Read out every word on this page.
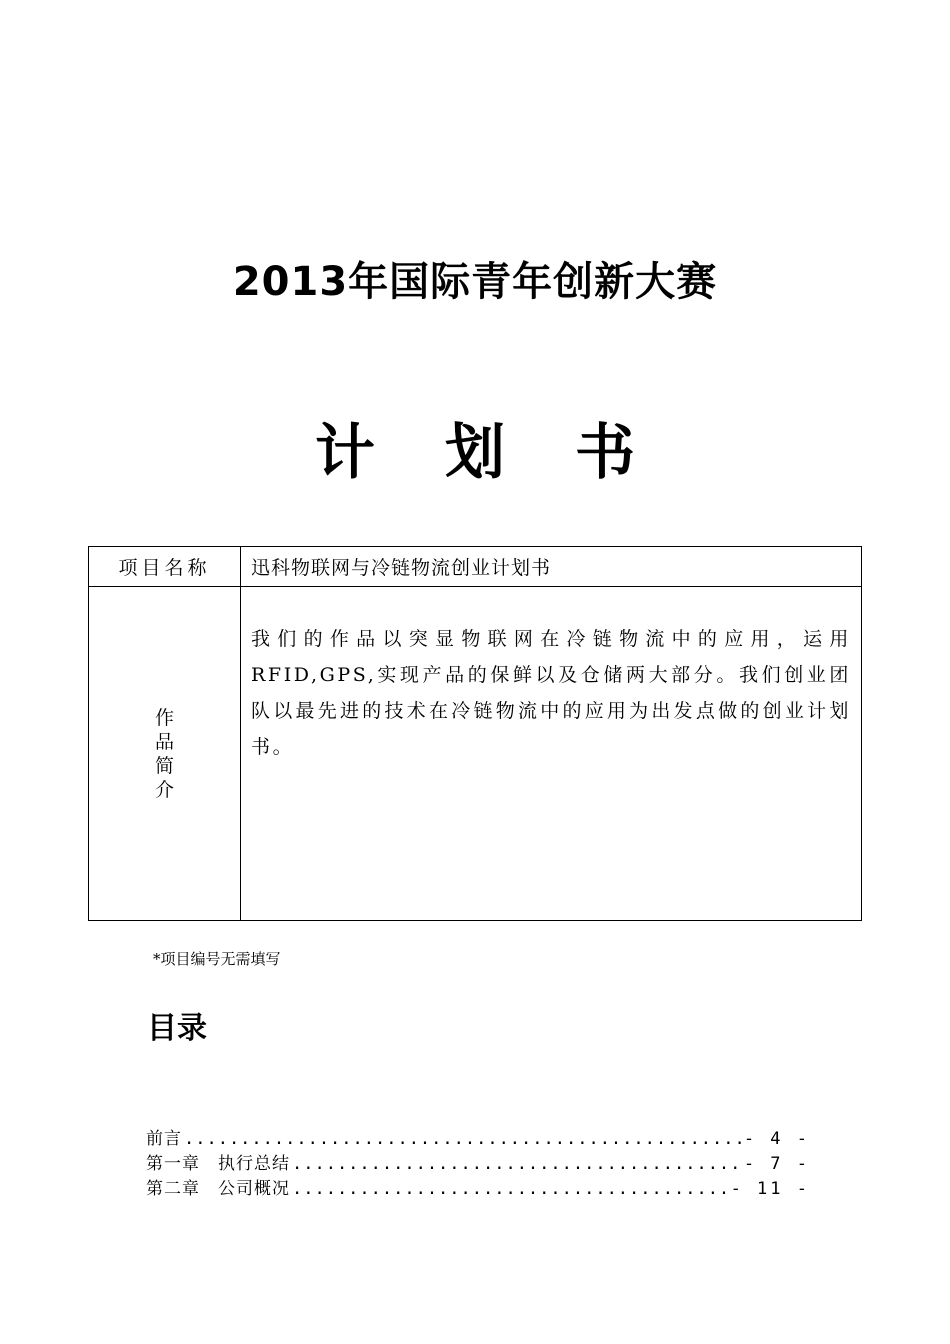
2013年国际青年创新大赛
计划书
项目名称	迅科物联网与冷链物流创业计划书
作品简介	我们的作品以突显物联网在冷链物流中的应用，运用RFID,GPS,实现产品的保鲜以及仓储两大部分。我们创业团队以最先进的技术在冷链物流中的应用为出发点做的创业计划书。
*项目编号无需填写
目录
前言 .....	- 4 -
第一章　执行总结 .....	- 7 -
第二章　公司概况 .....	- 11 -
